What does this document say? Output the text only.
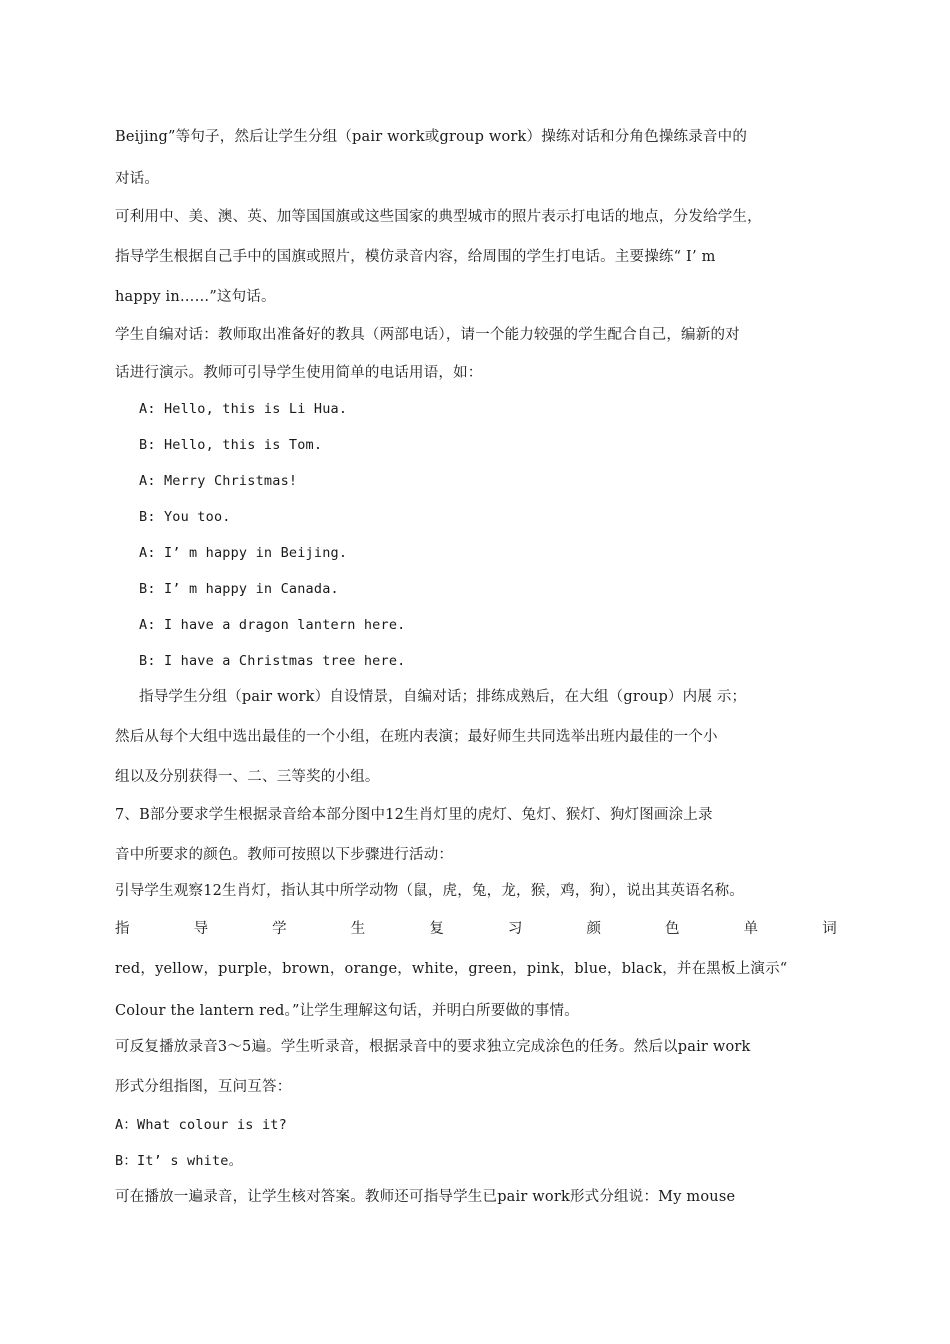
Beijing”等句子，然后让学生分组（pair work或group work）操练对话和分角色操练录音中的
对话。
可利用中、美、澳、英、加等国国旗或这些国家的典型城市的照片表示打电话的地点，分发给学生，
指导学生根据自己手中的国旗或照片，模仿录音内容，给周围的学生打电话。主要操练“ I’ m
happy in……”这句话。
学生自编对话：教师取出准备好的教具（两部电话），请一个能力较强的学生配合自己，编新的对
话进行演示。教师可引导学生使用简单的电话用语，如：
A: Hello, this is Li Hua.
B: Hello, this is Tom.
A: Merry Christmas!
B: You too.
A: I’ m happy in Beijing.
B: I’ m happy in Canada.
A: I have a dragon lantern here.
B: I have a Christmas tree here.
指导学生分组（pair work）自设情景，自编对话；排练成熟后，在大组（group）内展 示；
然后从每个大组中选出最佳的一个小组，在班内表演；最好师生共同选举出班内最佳的一个小
组以及分别获得一、二、三等奖的小组。
7、B部分要求学生根据录音给本部分图中12生肖灯里的虎灯、兔灯、猴灯、狗灯图画涂上录
音中所要求的颜色。教师可按照以下步骤进行活动：
引导学生观察12生肖灯，指认其中所学动物（鼠，虎，兔，龙，猴，鸡，狗），说出其英语名称。
指	导	学	生	复	习	颜	色	单	词
red，yellow，purple，brown，orange，white，green，pink，blue，black，并在黑板上演示“
Colour the lantern red。”让学生理解这句话，并明白所要做的事情。
可反复播放录音3～5遍。学生听录音，根据录音中的要求独立完成涂色的任务。然后以pair work
形式分组指图，互问互答：
A：What colour is it?
B：It’ s white。
可在播放一遍录音，让学生核对答案。教师还可指导学生已pair work形式分组说：My mouse
